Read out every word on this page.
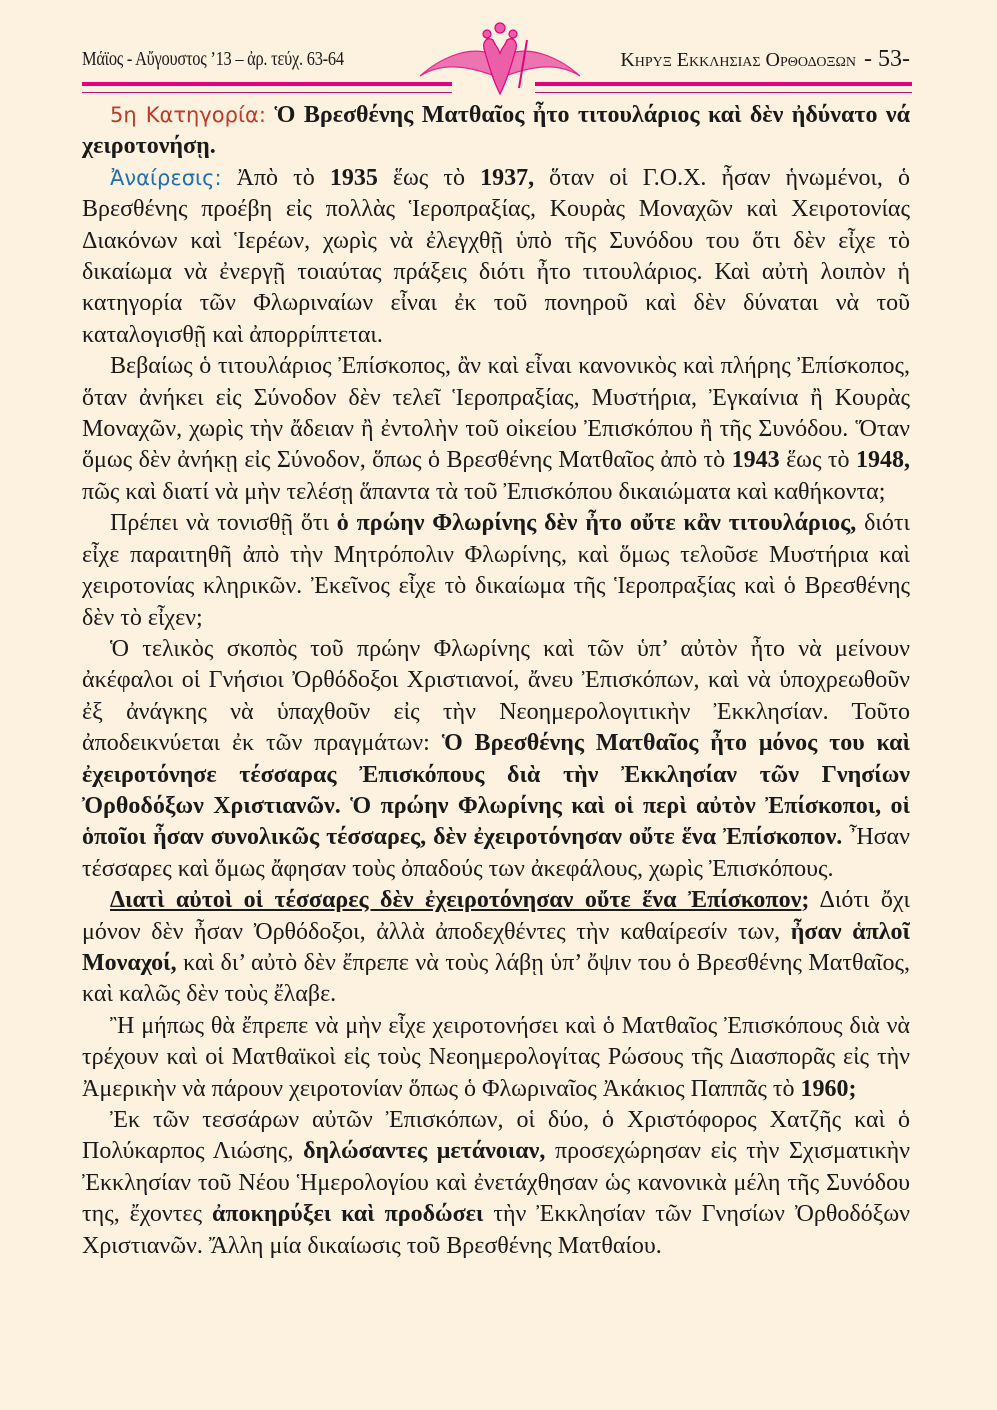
Μάϊος - Αὔγουστος ’13 – ἀρ. τεύχ. 63-64	Κηρυξ Εκκλησιας Ορθοδοξων - 53-

5η Κατηγορία: Ὁ Βρεσθένης Ματθαῖος ἦτο τιτουλάριος καὶ δὲν ἠδύνατο νά χειροτονήσῃ.

Ἀναίρεσις: Ἀπὸ τὸ 1935 ἕως τὸ 1937, ὅταν οἱ Γ.Ο.Χ. ἦσαν ἡνωμένοι, ὁ Βρεσθένης προέβη εἰς πολλὰς Ἱεροπραξίας, Κουρὰς Μοναχῶν καὶ Χειροτονίας Διακόνων καὶ Ἱερέων, χωρὶς νὰ ἐλεγχθῇ ὑπὸ τῆς Συνόδου του ὅτι δὲν εἶχε τὸ δικαίωμα νὰ ἐνεργῇ τοιαύτας πράξεις διότι ἦτο τιτουλάριος. Καὶ αὐτὴ λοιπὸν ἡ κατηγορία τῶν Φλωριναίων εἶναι ἐκ τοῦ πονηροῦ καὶ δὲν δύναται νὰ τοῦ καταλογισθῇ καὶ ἀπορρίπτεται.

Βεβαίως ὁ τιτουλάριος Ἐπίσκοπος, ἂν καὶ εἶναι κανονικὸς καὶ πλήρης Ἐπίσκοπος, ὅταν ἀνήκει εἰς Σύνοδον δὲν τελεῖ Ἱεροπραξίας, Μυστήρια, Ἐγκαίνια ἢ Κουρὰς Μοναχῶν, χωρὶς τὴν ἄδειαν ἢ ἐντολὴν τοῦ οἰκείου Ἐπισκόπου ἢ τῆς Συνόδου. Ὅταν ὅμως δὲν ἀνήκῃ εἰς Σύνοδον, ὅπως ὁ Βρεσθένης Ματθαῖος ἀπὸ τὸ 1943 ἕως τὸ 1948, πῶς καὶ διατί νὰ μὴν τελέσῃ ἅπαντα τὰ τοῦ Ἐπισκόπου δικαιώματα καὶ καθήκοντα;

Πρέπει νὰ τονισθῇ ὅτι ὁ πρώην Φλωρίνης δὲν ἦτο οὔτε κἂν τιτουλάριος, διότι εἶχε παραιτηθῆ ἀπὸ τὴν Μητρόπολιν Φλωρίνης, καὶ ὅμως τελοῦσε Μυστήρια καὶ χειροτονίας κληρικῶν. Ἐκεῖνος εἶχε τὸ δικαίωμα τῆς Ἱεροπραξίας καὶ ὁ Βρεσθένης δὲν τὸ εἶχεν;

Ὁ τελικὸς σκοπὸς τοῦ πρώην Φλωρίνης καὶ τῶν ὑπ’ αὐτὸν ἦτο νὰ μείνουν ἀκέφαλοι οἱ Γνήσιοι Ὀρθόδοξοι Χριστιανοί, ἄνευ Ἐπισκόπων, καὶ νὰ ὑποχρεωθοῦν ἐξ ἀνάγκης νὰ ὑπαχθοῦν εἰς τὴν Νεοημερολογιτικὴν Ἐκκλησίαν. Τοῦτο ἀποδεικνύεται ἐκ τῶν πραγμάτων: Ὁ Βρεσθένης Ματθαῖος ἦτο μόνος του καὶ ἐχειροτόνησε τέσσαρας Ἐπισκόπους διὰ τὴν Ἐκκλησίαν τῶν Γνησίων Ὀρθοδόξων Χριστιανῶν. Ὁ πρώην Φλωρίνης καὶ οἱ περὶ αὐτὸν Ἐπίσκοποι, οἱ ὁποῖοι ἦσαν συνολικῶς τέσσαρες, δὲν ἐχειροτόνησαν οὔτε ἕνα Ἐπίσκοπον. Ἦσαν τέσσαρες καὶ ὅμως ἄφησαν τοὺς ὀπαδούς των ἀκεφάλους, χωρὶς Ἐπισκόπους.

Διατὶ αὐτοὶ οἱ τέσσαρες δὲν ἐχειροτόνησαν οὔτε ἕνα Ἐπίσκοπον; Διότι ὄχι μόνον δὲν ἦσαν Ὀρθόδοξοι, ἀλλὰ ἀποδεχθέντες τὴν καθαίρεσίν των, ἦσαν ἁπλοῖ Μοναχοί, καὶ δι’ αὐτὸ δὲν ἔπρεπε νὰ τοὺς λάβῃ ὑπ’ ὄψιν του ὁ Βρεσθένης Ματθαῖος, καὶ καλῶς δὲν τοὺς ἔλαβε.

Ἢ μήπως θὰ ἔπρεπε νὰ μὴν εἶχε χειροτονήσει καὶ ὁ Ματθαῖος Ἐπισκόπους διὰ νὰ τρέχουν καὶ οἱ Ματθαϊκοὶ εἰς τοὺς Νεοημερολογίτας Ρώσους τῆς Διασπορᾶς εἰς τὴν Ἀμερικὴν νὰ πάρουν χειροτονίαν ὅπως ὁ Φλωριναῖος Ἀκάκιος Παππᾶς τὸ 1960;

Ἐκ τῶν τεσσάρων αὐτῶν Ἐπισκόπων, οἱ δύο, ὁ Χριστόφορος Χατζῆς καὶ ὁ Πολύκαρπος Λιώσης, δηλώσαντες μετάνοιαν, προσεχώρησαν εἰς τὴν Σχισματικὴν Ἐκκλησίαν τοῦ Νέου Ἡμερολογίου καὶ ἐνετάχθησαν ὡς κανονικὰ μέλη τῆς Συνόδου της, ἔχοντες ἀποκηρύξει καὶ προδώσει τὴν Ἐκκλησίαν τῶν Γνησίων Ὀρθοδόξων Χριστιανῶν. Ἄλλη μία δικαίωσις τοῦ Βρεσθένης Ματθαίου.
